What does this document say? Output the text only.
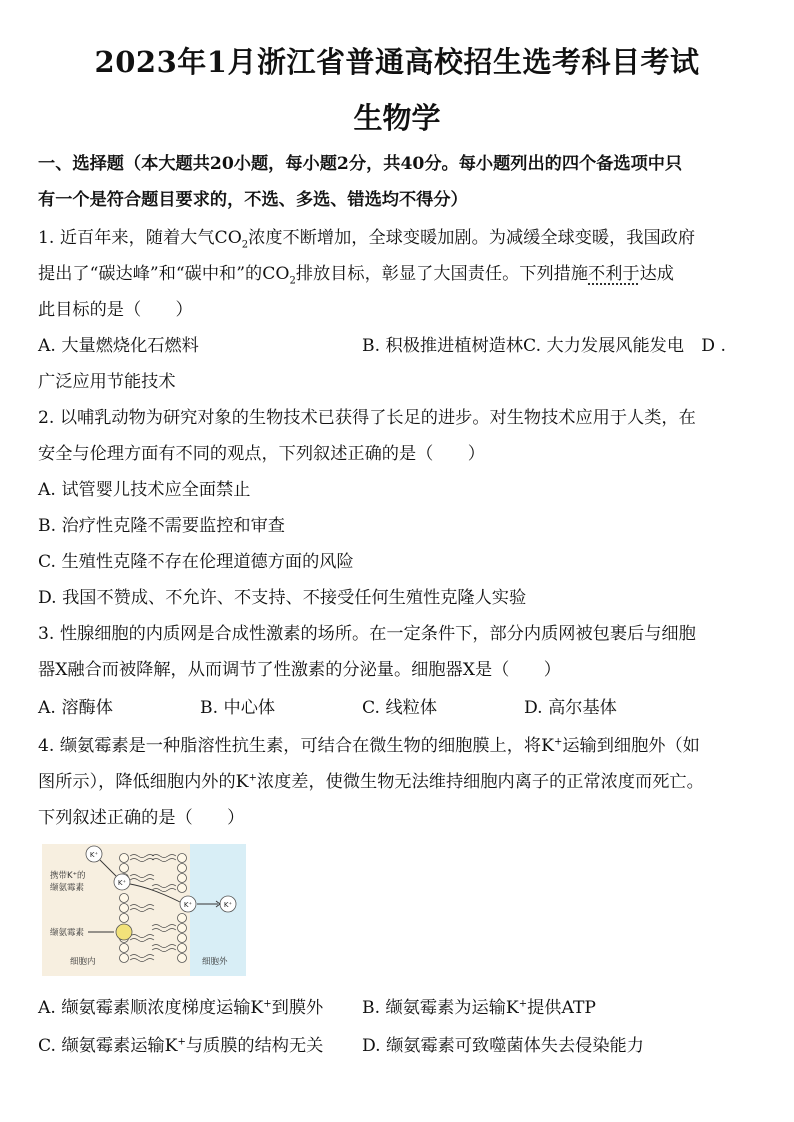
2023年1月浙江省普通高校招生选考科目考试
生物学
一、选择题（本大题共20小题，每小题2分，共40分。每小题列出的四个备选项中只
有一个是符合题目要求的，不选、多选、错选均不得分）
1. 近百年来，随着大气$CO_2$浓度不断增加，全球变暖加剧。为减缓全球变暖，我国政府
提出了“碳达峰”和“碳中和”的$CO_2$排放目标，彰显了大国责任。下列措施不利于达成
此目标的是（　　）
A. 大量燃烧化石燃料	B. 积极推进植树造林C. 大力发展风能发电　D .
广泛应用节能技术
2. 以哺乳动物为研究对象的生物技术已获得了长足的进步。对生物技术应用于人类，在
安全与伦理方面有不同的观点，下列叙述正确的是（　　）
A. 试管婴儿技术应全面禁止
B. 治疗性克隆不需要监控和审查
C. 生殖性克隆不存在伦理道德方面的风险
D. 我国不赞成、不允许、不支持、不接受任何生殖性克隆人实验
3. 性腺细胞的内质网是合成性激素的场所。在一定条件下，部分内质网被包裹后与细胞
器X融合而被降解，从而调节了性激素的分泌量。细胞器X是（　　）
A. 溶酶体	B. 中心体	C. 线粒体	D. 高尔基体
4. 缬氨霉素是一种脂溶性抗生素，可结合在微生物的细胞膜上，将K+运输到细胞外（如
图所示），降低细胞内外的K+浓度差，使微生物无法维持细胞内离子的正常浓度而死亡。
下列叙述正确的是（　　）
K⁺
K⁺
K⁺	K⁺
携带K⁺的
缬氨霉素
缬氨霉素
细胞内	细胞外
A. 缬氨霉素顺浓度梯度运输K+到膜外 B. 缬氨霉素为运输K+提供ATP
C. 缬氨霉素运输K+与质膜的结构无关 D. 缬氨霉素可致噬菌体失去侵染能力
